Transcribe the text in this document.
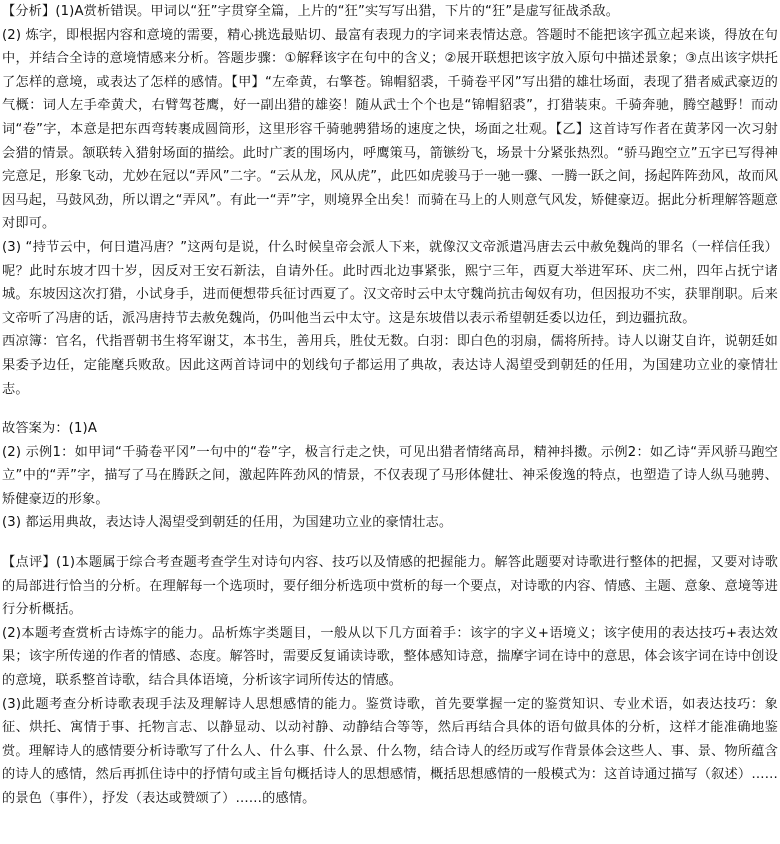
【分析】(1)A赏析错误。甲词以“狂”字贯穿全篇，上片的“狂”实写写出猎，下片的“狂”是虚写征战杀敌。

(2) 炼字，即根据内容和意境的需要，精心挑选最贴切、最富有表现力的字词来表情达意。答题时不能把该字孤立起来谈，得放在句中，并结合全诗的意境情感来分析。答题步骤：①解释该字在句中的含义；②展开联想把该字放入原句中描述景象；③点出该字烘托了怎样的意境，或表达了怎样的感情。【甲】“左牵黄，右擎苍。锦帽貂裘，千骑卷平冈”写出猎的雄壮场面，表现了猎者威武豪迈的气概：词人左手牵黄犬，右臂驾苍鹰，好一副出猎的雄姿！随从武士个个也是“锦帽貂裘”，打猎装束。千骑奔驰，腾空越野！而动词“卷”字，本意是把东西弯转裹成圆筒形，这里形容千骑驰骋猎场的速度之快，场面之壮观。【乙】这首诗写作者在黄茅冈一次习射会猎的情景。颔联转入猎射场面的描绘。此时广袤的围场内，呼鹰策马，箭镞纷飞，场景十分紧张热烈。“骄马跑空立”五字已写得神完意足，形象飞动，尤妙在冠以“弄风”二字。“云从龙，风从虎”，此匹如虎骏马于一驰一骤、一腾一跃之间，扬起阵阵劲风，故而风因马起，马鼓风劲，所以谓之“弄风”。有此一“弄”字，则境界全出矣！而骑在马上的人则意气风发，矫健豪迈。据此分析理解答题意对即可。

(3) “持节云中，何日遣冯唐？”这两句是说，什么时候皇帝会派人下来，就像汉文帝派遣冯唐去云中赦免魏尚的罪名（一样信任我）呢？此时东坡才四十岁，因反对王安石新法，自请外任。此时西北边事紧张，熙宁三年，西夏大举进军环、庆二州，四年占抚宁诸城。东坡因这次打猎，小试身手，进而便想带兵征讨西夏了。汉文帝时云中太守魏尚抗击匈奴有功，但因报功不实，获罪削职。后来文帝听了冯唐的话，派冯唐持节去赦免魏尚，仍叫他当云中太守。这是东坡借以表示希望朝廷委以边任，到边疆抗敌。

西凉簿：官名，代指晋朝书生将军谢艾，本书生，善用兵，胜仗无数。白羽：即白色的羽扇，儒将所持。诗人以谢艾自许，说朝廷如果委予边任，定能麾兵败敌。因此这两首诗词中的划线句子都运用了典故，表达诗人渴望受到朝廷的任用，为国建功立业的豪情壮志。

故答案为：(1)A

(2) 示例1：如甲词“千骑卷平冈”一句中的“卷”字，极言行走之快，可见出猎者情绪高昂，精神抖擞。示例2：如乙诗“弄风骄马跑空立”中的“弄”字，描写了马在腾跃之间，激起阵阵劲风的情景，不仅表现了马形体健壮、神采俊逸的特点，也塑造了诗人纵马驰骋、矫健豪迈的形象。

(3) 都运用典故，表达诗人渴望受到朝廷的任用，为国建功立业的豪情壮志。

【点评】(1)本题属于综合考查题考查学生对诗句内容、技巧以及情感的把握能力。解答此题要对诗歌进行整体的把握，又要对诗歌的局部进行恰当的分析。在理解每一个选项时，要仔细分析选项中赏析的每一个要点，对诗歌的内容、情感、主题、意象、意境等进行分析概括。

(2)本题考查赏析古诗炼字的能力。品析炼字类题目，一般从以下几方面着手：该字的字义+语境义；该字使用的表达技巧+表达效果；该字所传递的作者的情感、态度。解答时，需要反复诵读诗歌，整体感知诗意，揣摩字词在诗中的意思，体会该字词在诗中创设的意境，联系整首诗歌，结合具体语境，分析该字词所传达的情感。

(3)此题考查分析诗歌表现手法及理解诗人思想感情的能力。鉴赏诗歌，首先要掌握一定的鉴赏知识、专业术语，如表达技巧：象征、烘托、寓情于事、托物言志、以静显动、以动衬静、动静结合等等，然后再结合具体的语句做具体的分析，这样才能准确地鉴赏。理解诗人的感情要分析诗歌写了什么人、什么事、什么景、什么物，结合诗人的经历或写作背景体会这些人、事、景、物所蕴含的诗人的感情，然后再抓住诗中的抒情句或主旨句概括诗人的思想感情，概括思想感情的一般模式为：这首诗通过描写（叙述）……的景色（事件），抒发（表达或赞颂了）……的感情。
